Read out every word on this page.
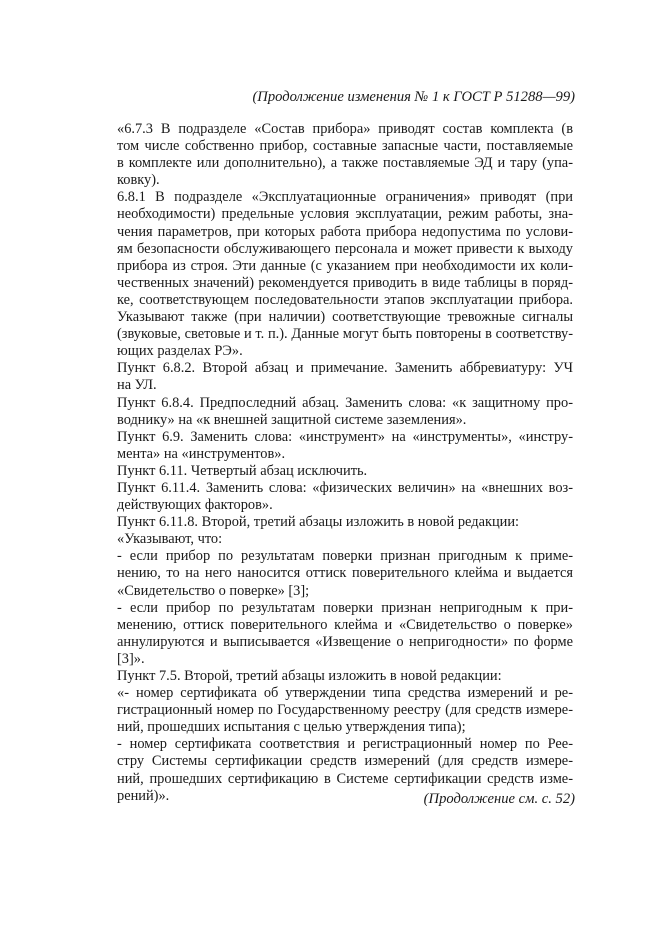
(Продолжение изменения № 1 к ГОСТ Р 51288—99)
«6.7.3 В подразделе «Состав прибора» приводят состав комплекта (в
том числе собственно прибор, составные запасные части, поставляемые
в комплекте или дополнительно), а также поставляемые ЭД и тару (упа-
ковку).
6.8.1 В подразделе «Эксплуатационные ограничения» приводят (при
необходимости) предельные условия эксплуатации, режим работы, зна-
чения параметров, при которых работа прибора недопустима по услови-
ям безопасности обслуживающего персонала и может привести к выходу
прибора из строя. Эти данные (с указанием при необходимости их коли-
чественных значений) рекомендуется приводить в виде таблицы в поряд-
ке, соответствующем последовательности этапов эксплуатации прибора.
Указывают также (при наличии) соответствующие тревожные сигналы
(звуковые, световые и т. п.). Данные могут быть повторены в соответству-
ющих разделах РЭ».
Пункт 6.8.2. Второй абзац и примечание. Заменить аббревиатуру: УЧ
на УЛ.
Пункт 6.8.4. Предпоследний абзац. Заменить слова: «к защитному про-
воднику» на «к внешней защитной системе заземления».
Пункт 6.9. Заменить слова: «инструмент» на «инструменты», «инстру-
мента» на «инструментов».
Пункт 6.11. Четвертый абзац исключить.
Пункт 6.11.4. Заменить слова: «физических величин» на «внешних воз-
действующих факторов».
Пункт 6.11.8. Второй, третий абзацы изложить в новой редакции:
«Указывают, что:
- если прибор по результатам поверки признан пригодным к приме-
нению, то на него наносится оттиск поверительного клейма и выдается
«Свидетельство о поверке» [3];
- если прибор по результатам поверки признан непригодным к при-
менению, оттиск поверительного клейма и «Свидетельство о поверке»
аннулируются и выписывается «Извещение о непригодности» по форме
[3]».
Пункт 7.5. Второй, третий абзацы изложить в новой редакции:
«- номер сертификата об утверждении типа средства измерений и ре-
гистрационный номер по Государственному реестру (для средств измере-
ний, прошедших испытания с целью утверждения типа);
- номер сертификата соответствия и регистрационный номер по Рее-
стру Системы сертификации средств измерений (для средств измере-
ний, прошедших сертификацию в Системе сертификации средств изме-
рений)».	(Продолжение см. с. 52)
